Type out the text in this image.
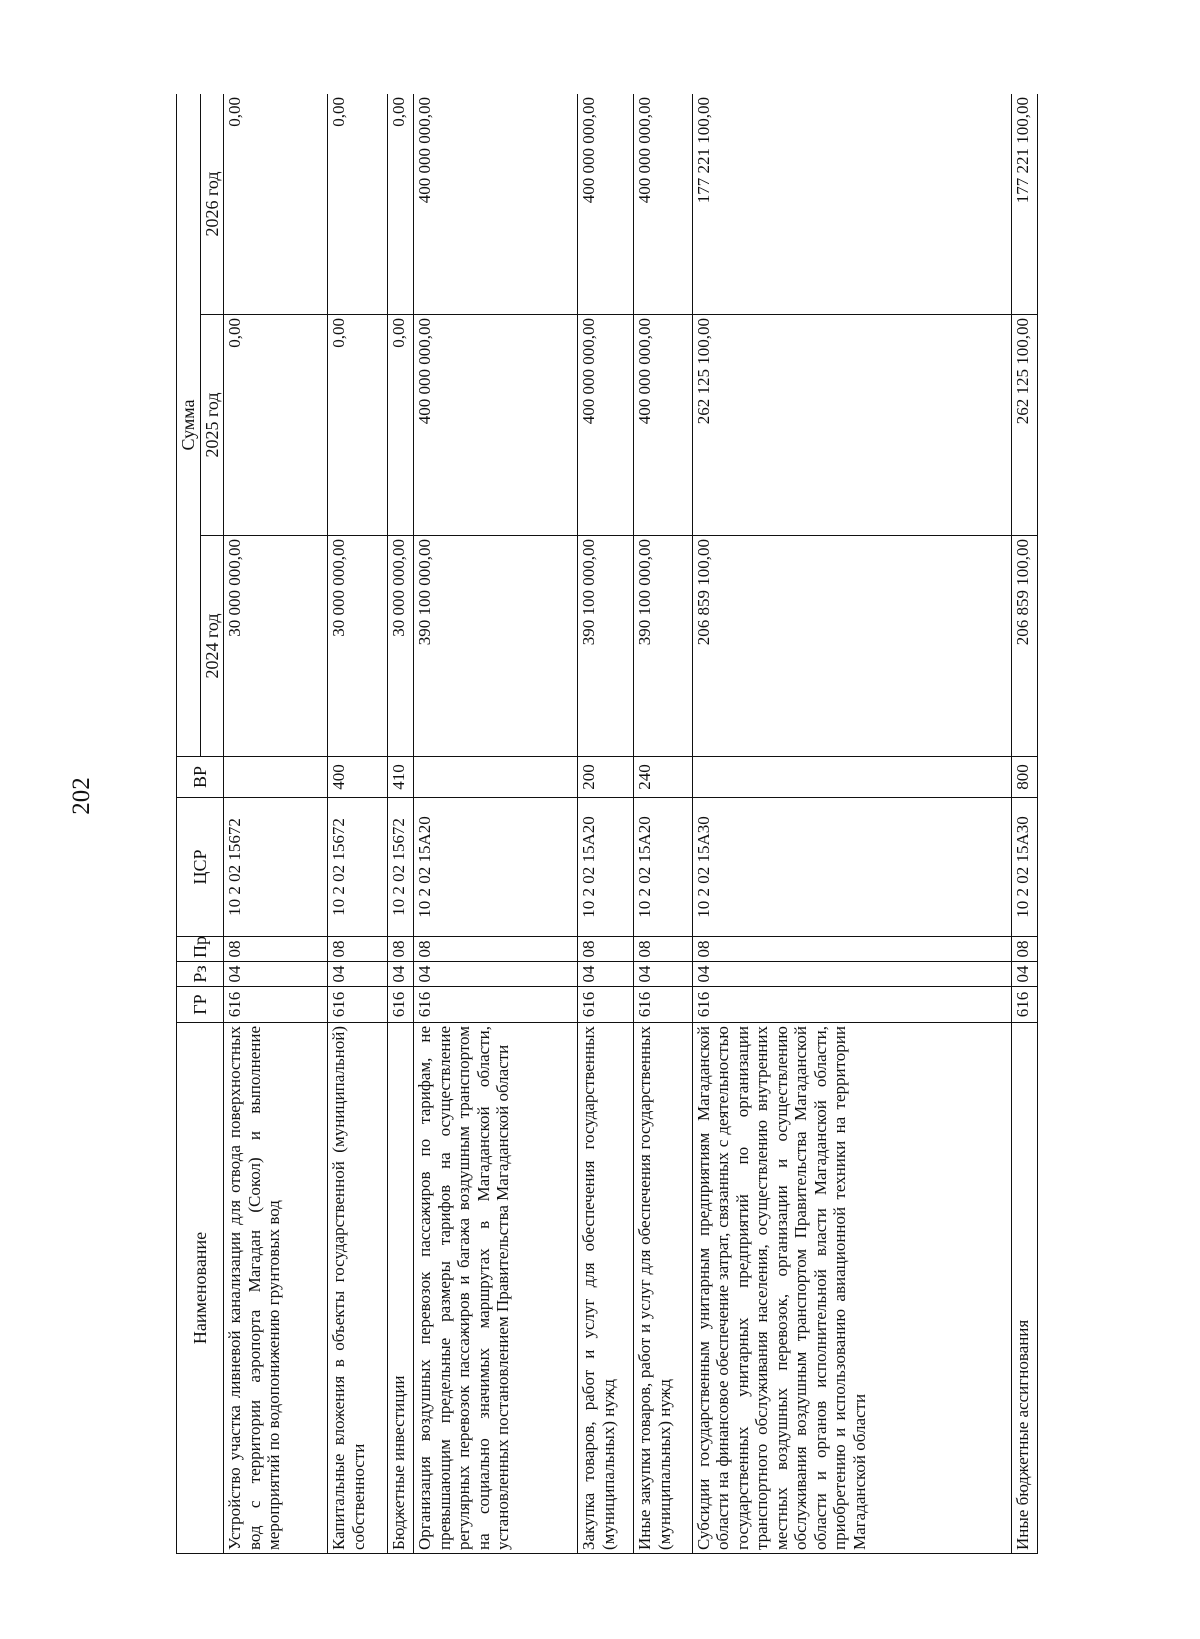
202
Наименование	ГР	Рз	Пр	ЦСР	ВР	Сумма		
						2024 год	2025 год	2026 год
Устройство участка ливневой канализации для отвода поверхностных вод с территории аэропорта Магадан (Сокол) и выполнение мероприятий по водопонижению грунтовых вод	616	04	08	10 2 02 15672		30 000 000,00	0,00	0,00
Капитальные вложения в объекты государственной (муниципальной) собственности	616	04	08	10 2 02 15672	400	30 000 000,00	0,00	0,00
Бюджетные инвестиции	616	04	08	10 2 02 15672	410	30 000 000,00	0,00	0,00
Организация воздушных перевозок пассажиров по тарифам, не превышающим предельные размеры тарифов на осуществление регулярных перевозок пассажиров и багажа воздушным транспортом на социально значимых маршрутах в Магаданской области, установленных постановлением Правительства Магаданской области	616	04	08	10 2 02 15А20		390 100 000,00	400 000 000,00	400 000 000,00
Закупка товаров, работ и услуг для обеспечения государственных (муниципальных) нужд	616	04	08	10 2 02 15А20	200	390 100 000,00	400 000 000,00	400 000 000,00
Иные закупки товаров, работ и услуг для обеспечения государственных (муниципальных) нужд	616	04	08	10 2 02 15А20	240	390 100 000,00	400 000 000,00	400 000 000,00
Субсидии государственным унитарным предприятиям Магаданской области на финансовое обеспечение затрат, связанных с деятельностью государственных унитарных предприятий по организации транспортного обслуживания населения, осуществлению внутренних местных воздушных перевозок, организации и осуществлению обслуживания воздушным транспортом Правительства Магаданской области и органов исполнительной власти Магаданской области, приобретению и использованию авиационной техники на территории Магаданской области	616	04	08	10 2 02 15А30		206 859 100,00	262 125 100,00	177 221 100,00
Иные бюджетные ассигнования	616	04	08	10 2 02 15А30	800	206 859 100,00	262 125 100,00	177 221 100,00
